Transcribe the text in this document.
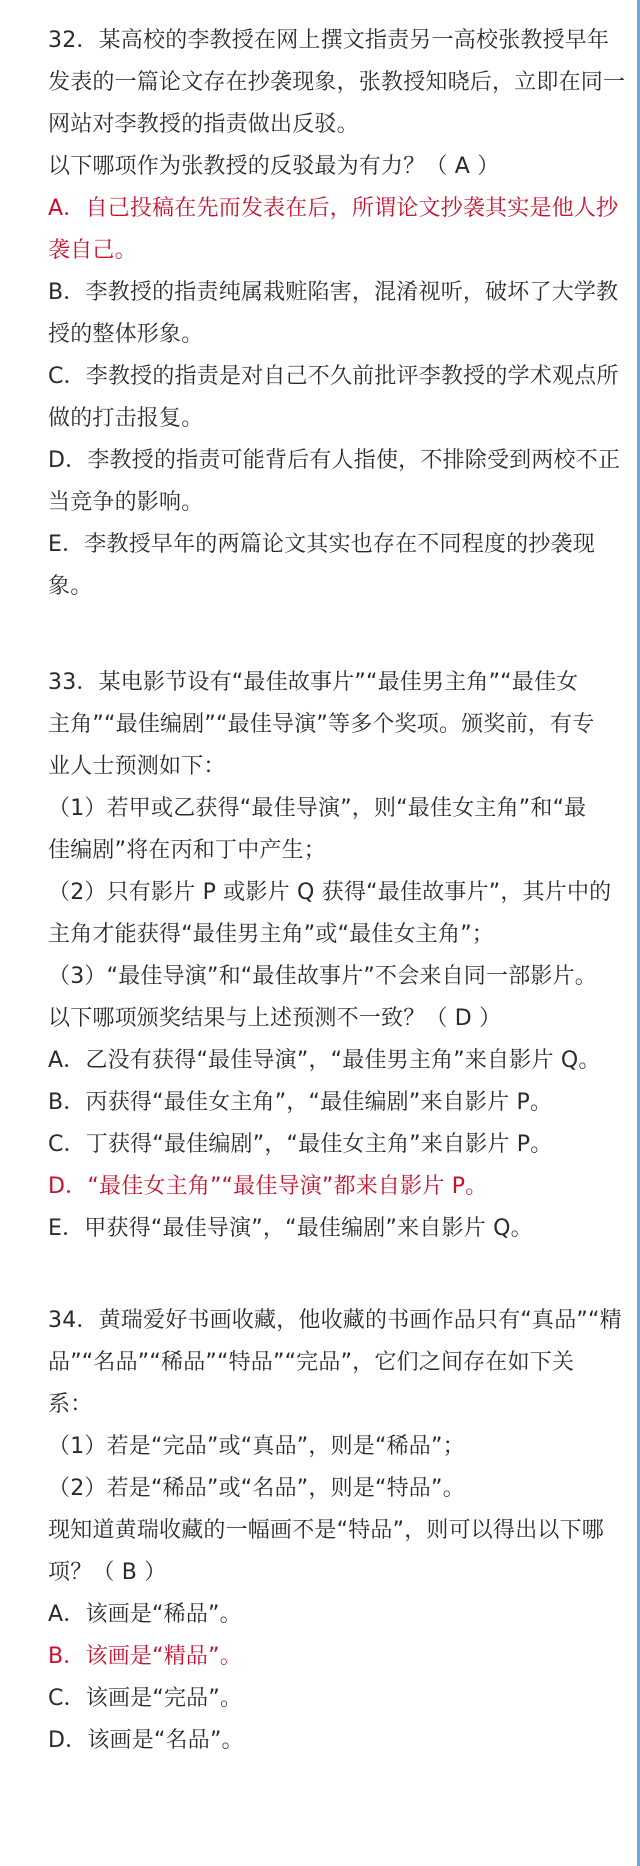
32．某高校的李教授在网上撰文指责另一高校张教授早年
发表的一篇论文存在抄袭现象，张教授知晓后，立即在同一
网站对李教授的指责做出反驳。
以下哪项作为张教授的反驳最为有力？（ A ）
A．自己投稿在先而发表在后，所谓论文抄袭其实是他人抄
袭自己。
B．李教授的指责纯属栽赃陷害，混淆视听，破坏了大学教
授的整体形象。
C．李教授的指责是对自己不久前批评李教授的学术观点所
做的打击报复。
D．李教授的指责可能背后有人指使，不排除受到两校不正
当竞争的影响。
E．李教授早年的两篇论文其实也存在不同程度的抄袭现
象。
33．某电影节设有“最佳故事片”“最佳男主角”“最佳女
主角”“最佳编剧”“最佳导演”等多个奖项。颁奖前，有专
业人士预测如下：
（1）若甲或乙获得“最佳导演”，则“最佳女主角”和“最
佳编剧”将在丙和丁中产生；
（2）只有影片 P 或影片 Q 获得“最佳故事片”，其片中的
主角才能获得“最佳男主角”或“最佳女主角”；
（3）“最佳导演”和“最佳故事片”不会来自同一部影片。
以下哪项颁奖结果与上述预测不一致？（ D ）
A．乙没有获得“最佳导演”，“最佳男主角”来自影片 Q。
B．丙获得“最佳女主角”，“最佳编剧”来自影片 P。
C．丁获得“最佳编剧”，“最佳女主角”来自影片 P。
D．“最佳女主角”“最佳导演”都来自影片 P。
E．甲获得“最佳导演”，“最佳编剧”来自影片 Q。
34．黄瑞爱好书画收藏，他收藏的书画作品只有“真品”“精
品”“名品”“稀品”“特品”“完品”，它们之间存在如下关
系：
（1）若是“完品”或“真品”，则是“稀品”；
（2）若是“稀品”或“名品”，则是“特品”。
现知道黄瑞收藏的一幅画不是“特品”，则可以得出以下哪
项？（ B ）
A．该画是“稀品”。
B．该画是“精品”。
C．该画是“完品”。
D．该画是“名品”。
